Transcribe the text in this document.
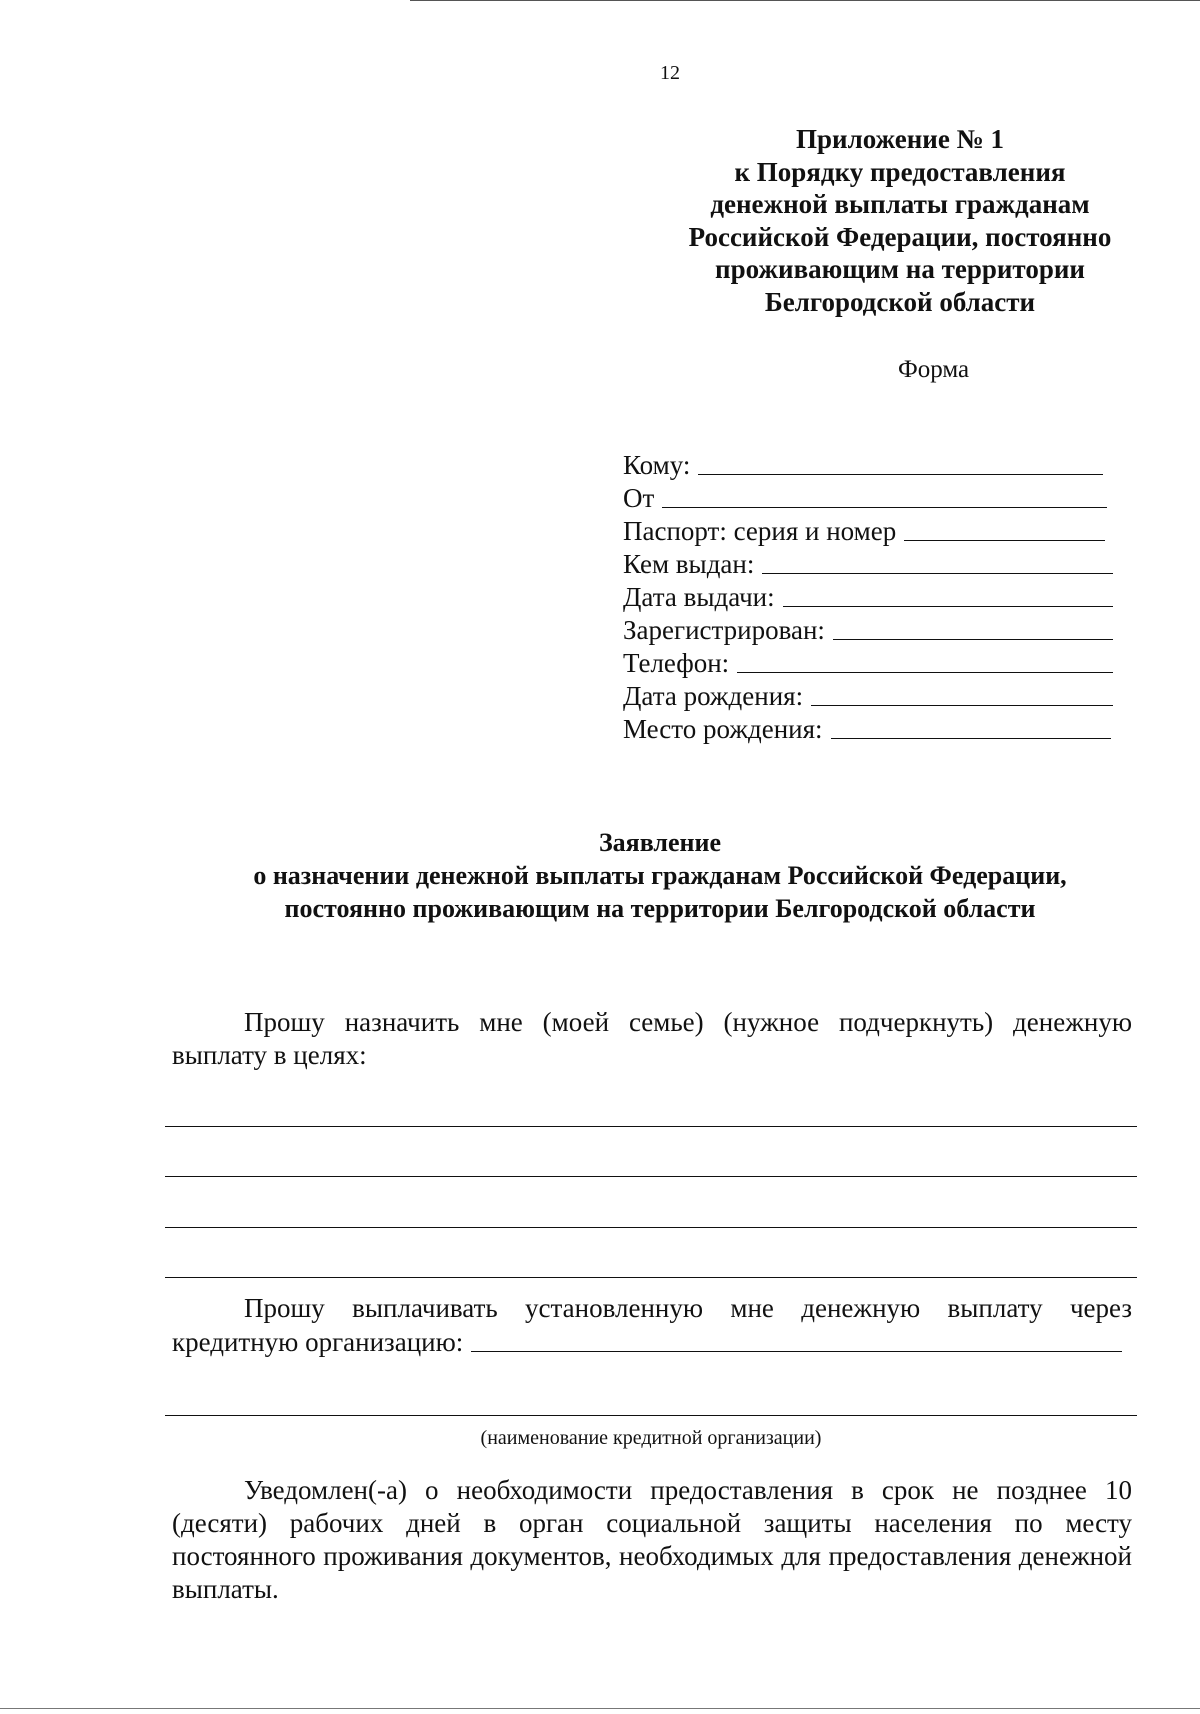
12
Приложение № 1
к Порядку предоставления
денежной выплаты гражданам
Российской Федерации, постоянно
проживающим на территории
Белгородской области
Форма
Кому:
От
Паспорт: серия и номер
Кем выдан:
Дата выдачи:
Зарегистрирован:
Телефон:
Дата рождения:
Место рождения:
Заявление
о назначении денежной выплаты гражданам Российской Федерации,
постоянно проживающим на территории Белгородской области
Прошу назначить мне (моей семье) (нужное подчеркнуть) денежную выплату в целях:
Прошу выплачивать установленную мне денежную выплату через
кредитную организацию:
(наименование кредитной организации)
Уведомлен(-а) о необходимости предоставления в срок не позднее 10 (десяти) рабочих дней в орган социальной защиты населения по месту постоянного проживания документов, необходимых для предоставления денежной выплаты.
